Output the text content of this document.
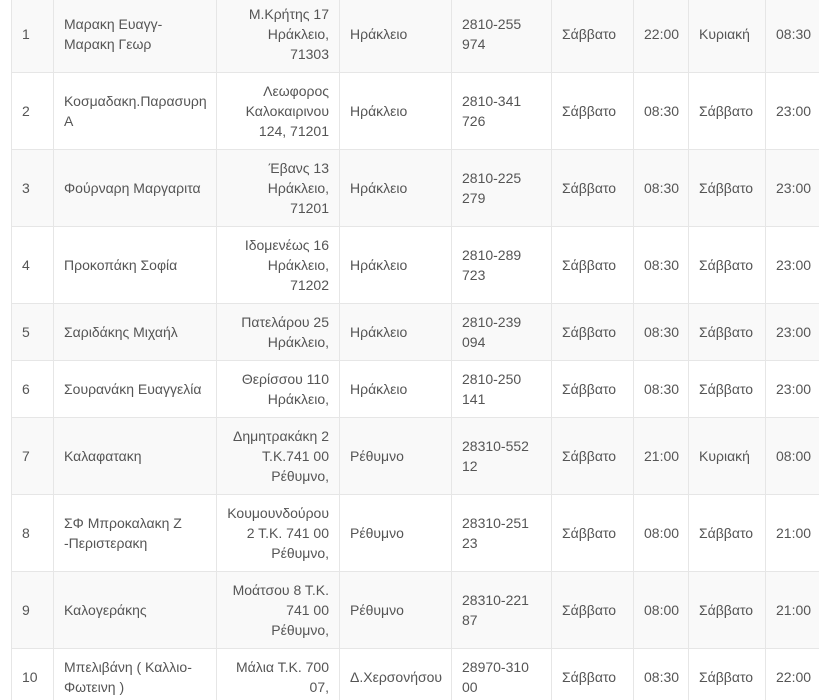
1	Μαρακη Ευαγγ-Μαρακη Γεωρ	Μ.Κρήτης 17 Ηράκλειο, 71303	Ηράκλειο	2810-255 974	Σάββατο	22:00	Κυριακή	08:30
2	Κοσμαδακη.Παρασυρη Α	Λεωφορος Καλοκαιρινου 124, 71201	Ηράκλειο	2810-341 726	Σάββατο	08:30	Σάββατο	23:00
3	Φούρναρη Μαργαριτα	Έβανς 13 Ηράκλειο, 71201	Ηράκλειο	2810-225 279	Σάββατο	08:30	Σάββατο	23:00
4	Προκοπάκη Σοφία	Ιδομενέως 16 Ηράκλειο, 71202	Ηράκλειο	2810-289 723	Σάββατο	08:30	Σάββατο	23:00
5	Σαριδάκης Μιχαήλ	Πατελάρου 25 Ηράκλειο,	Ηράκλειο	2810-239 094	Σάββατο	08:30	Σάββατο	23:00
6	Σουρανάκη Ευαγγελία	Θερίσσου 110 Ηράκλειο,	Ηράκλειο	2810-250 141	Σάββατο	08:30	Σάββατο	23:00
7	Καλαφατακη	Δημητρακάκη 2 Τ.Κ.741 00 Ρέθυμνο,	Ρέθυμνο	28310-552 12	Σάββατο	21:00	Κυριακή	08:00
8	ΣΦ Μπροκαλακη Ζ -Περιστερακη	Κουμουνδούρου 2 Τ.Κ. 741 00 Ρέθυμνο,	Ρέθυμνο	28310-251 23	Σάββατο	08:00	Σάββατο	21:00
9	Καλογεράκης	Μοάτσου 8 Τ.Κ. 741 00 Ρέθυμνο,	Ρέθυμνο	28310-221 87	Σάββατο	08:00	Σάββατο	21:00
10	Μπελιβάνη ( Καλλιο-Φωτεινη )	Μάλια Τ.Κ. 700 07,	Δ.Χερσονήσου	28970-310 00	Σάββατο	08:30	Σάββατο	22:00
